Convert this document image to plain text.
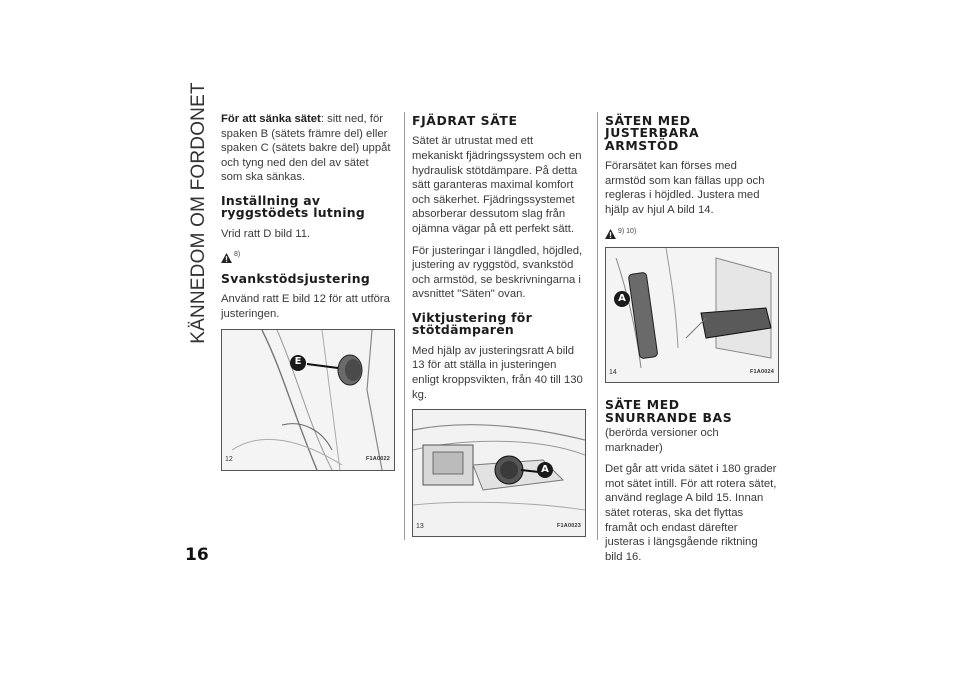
KÄNNEDOM OM FORDONET
16

För att sänka sätet: sitt ned, för spaken B (sätets främre del) eller spaken C (sätets bakre del) uppåt och tyng ned den del av sätet som ska sänkas.

Inställning av ryggstödets lutning

Vrid ratt D bild 11.

8)
Svankstödsjustering

Använd ratt E bild 12 för att utföra justeringen.

E
12	F1A0022
FJÄDRAT SÄTE

Sätet är utrustat med ett mekaniskt fjädringssystem och en hydraulisk stötdämpare. På detta sätt garanteras maximal komfort och säkerhet. Fjädringssystemet absorberar dessutom slag från ojämna vägar på ett perfekt sätt.

För justeringar i längdled, höjdled, justering av ryggstöd, svankstöd och armstöd, se beskrivningarna i avsnittet "Säten" ovan.

Viktjustering för stötdämparen

Med hjälp av justeringsratt A bild 13 för att ställa in justeringen enligt kroppsvikten, från 40 till 130 kg.

A
13	F1A0023
SÄTEN MED JUSTERBARA ARMSTÖD

Förarsätet kan förses med armstöd som kan fällas upp och regleras i höjdled. Justera med hjälp av hjul A bild 14.

9) 10)
A
14	F1A0024
SÄTE MED SNURRANDE BAS

(berörda versioner och marknader)

Det går att vrida sätet i 180 grader mot sätet intill. För att rotera sätet, använd reglage A bild 15. Innan sätet roteras, ska det flyttas framåt och endast därefter justeras i längsgående riktning bild 16.
